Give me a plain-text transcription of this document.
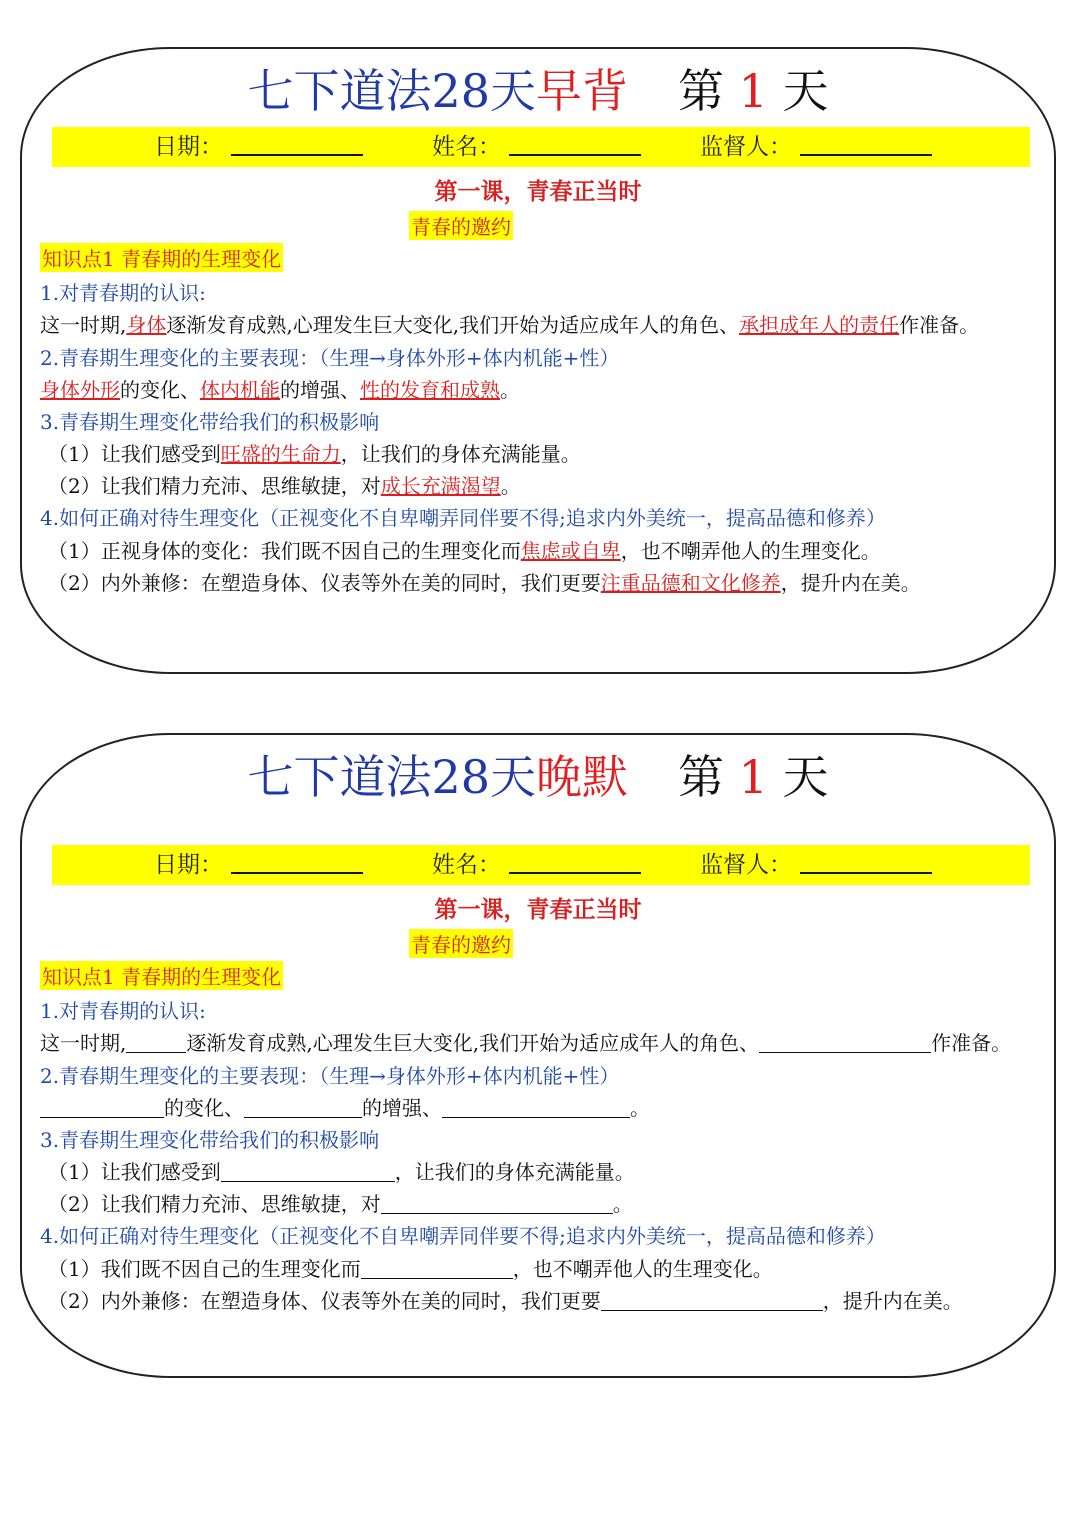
七下道法28天早背 第 1 天
日期：	姓名：	监督人：
第一课，青春正当时
青春的邀约
知识点1 青春期的生理变化
1.对青春期的认识:
这一时期,身体逐渐发育成熟,心理发生巨大变化,我们开始为适应成年人的角色、承担成年人的责任作准备。
2.青春期生理变化的主要表现：（生理→身体外形+体内机能+性）
身体外形的变化、体内机能的增强、性的发育和成熟。
3.青春期生理变化带给我们的积极影响
（1）让我们感受到旺盛的生命力，让我们的身体充满能量。
（2）让我们精力充沛、思维敏捷，对成长充满渴望。
4.如何正确对待生理变化（正视变化不自卑嘲弄同伴要不得;追求内外美统一，提高品德和修养）
（1）正视身体的变化：我们既不因自己的生理变化而焦虑或自卑，也不嘲弄他人的生理变化。
（2）内外兼修：在塑造身体、仪表等外在美的同时，我们更要注重品德和文化修养，提升内在美。
七下道法28天晚默 第 1 天
日期：	姓名：	监督人：
第一课，青春正当时
青春的邀约
知识点1 青春期的生理变化
1.对青春期的认识:
这一时期,	逐渐发育成熟,心理发生巨大变化,我们开始为适应成年人的角色、	作准备。
2.青春期生理变化的主要表现：（生理→身体外形+体内机能+性）
的变化、	的增强、	。
3.青春期生理变化带给我们的积极影响
（1）让我们感受到	，让我们的身体充满能量。
（2）让我们精力充沛、思维敏捷，对	。
4.如何正确对待生理变化（正视变化不自卑嘲弄同伴要不得;追求内外美统一，提高品德和修养）
（1）我们既不因自己的生理变化而	，也不嘲弄他人的生理变化。
（2）内外兼修：在塑造身体、仪表等外在美的同时，我们更要	，提升内在美。
